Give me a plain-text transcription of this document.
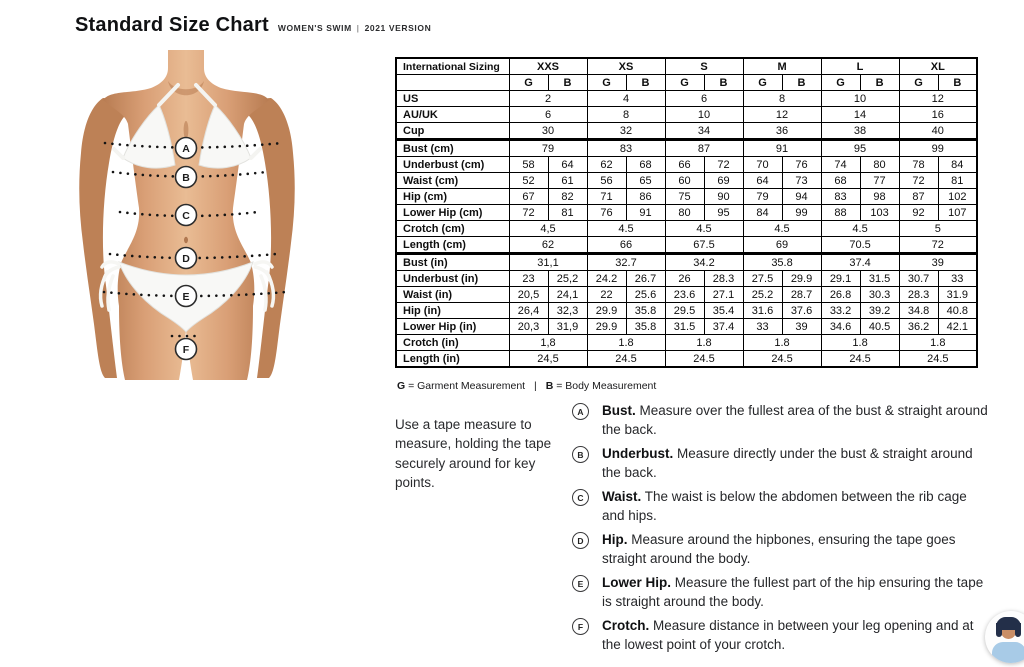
Standard Size Chart WOMEN'S SWIM | 2021 VERSION
A
B
C
D
E
F
International Sizing	XXS		XS		S		M		L		XL	
	G	B	G	B	G	B	G	B	G	B	G	B
US	2		4		6		8		10		12	
AU/UK	6		8		10		12		14		16	
Cup	30		32		34		36		38		40	
Bust (cm)	79		83		87		91		95		99	
Underbust (cm)	58	64	62	68	66	72	70	76	74	80	78	84
Waist (cm)	52	61	56	65	60	69	64	73	68	77	72	81
Hip (cm)	67	82	71	86	75	90	79	94	83	98	87	102
Lower Hip (cm)	72	81	76	91	80	95	84	99	88	103	92	107
Crotch (cm)	4,5		4.5		4.5		4.5		4.5		5	
Length (cm)	62		66		67.5		69		70.5		72	
Bust (in)	31,1		32.7		34.2		35.8		37.4		39	
Underbust (in)	23	25,2	24.2	26.7	26	28.3	27.5	29.9	29.1	31.5	30.7	33
Waist (in)	20,5	24,1	22	25.6	23.6	27.1	25.2	28.7	26.8	30.3	28.3	31.9
Hip (in)	26,4	32,3	29.9	35.8	29.5	35.4	31.6	37.6	33.2	39.2	34.8	40.8
Lower Hip (in)	20,3	31,9	29.9	35.8	31.5	37.4	33	39	34.6	40.5	36.2	42.1
Crotch (in)	1,8		1.8		1.8		1.8		1.8		1.8	
Length (in)	24,5		24.5		24.5		24.5		24.5		24.5	
G = Garment Measurement | B = Body Measurement

Use a tape measure to measure, holding the tape securely around for key points.

A	Bust. Measure over the fullest area of the bust & straight around the back.

B	Underbust. Measure directly under the bust & straight around the back.

C	Waist. The waist is below the abdomen between the rib cage and hips.

D	Hip. Measure around the hipbones, ensuring the tape goes straight around the body.

E	Lower Hip. Measure the fullest part of the hip ensuring the tape is straight around the body.

F	Crotch. Measure distance in between your leg opening and at the lowest point of your crotch.
